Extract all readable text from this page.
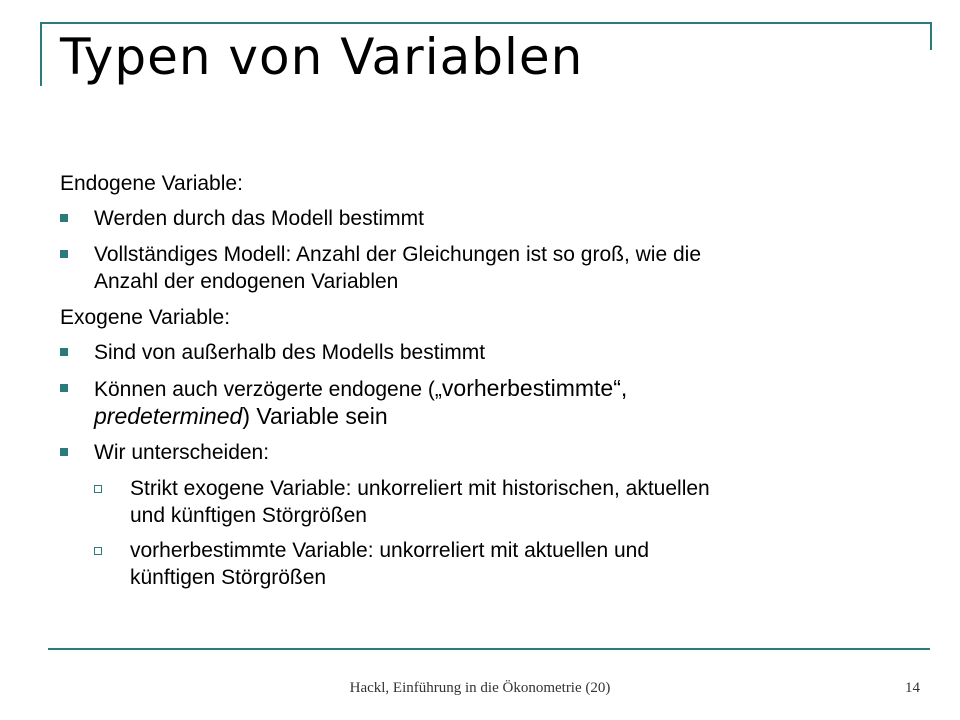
Typen von Variablen
Endogene Variable:
Werden durch das Modell bestimmt
Vollständiges Modell: Anzahl der Gleichungen ist so groß, wie die
Anzahl der endogenen Variablen
Exogene Variable:
Sind von außerhalb des Modells bestimmt
Können auch verzögerte endogene („vorherbestimmte“,
predetermined) Variable sein
Wir unterscheiden:
Strikt exogene Variable: unkorreliert mit historischen, aktuellen
und künftigen Störgrößen
vorherbestimmte Variable: unkorreliert mit aktuellen und
künftigen Störgrößen
Hackl, Einführung in die Ökonometrie (20)	14
